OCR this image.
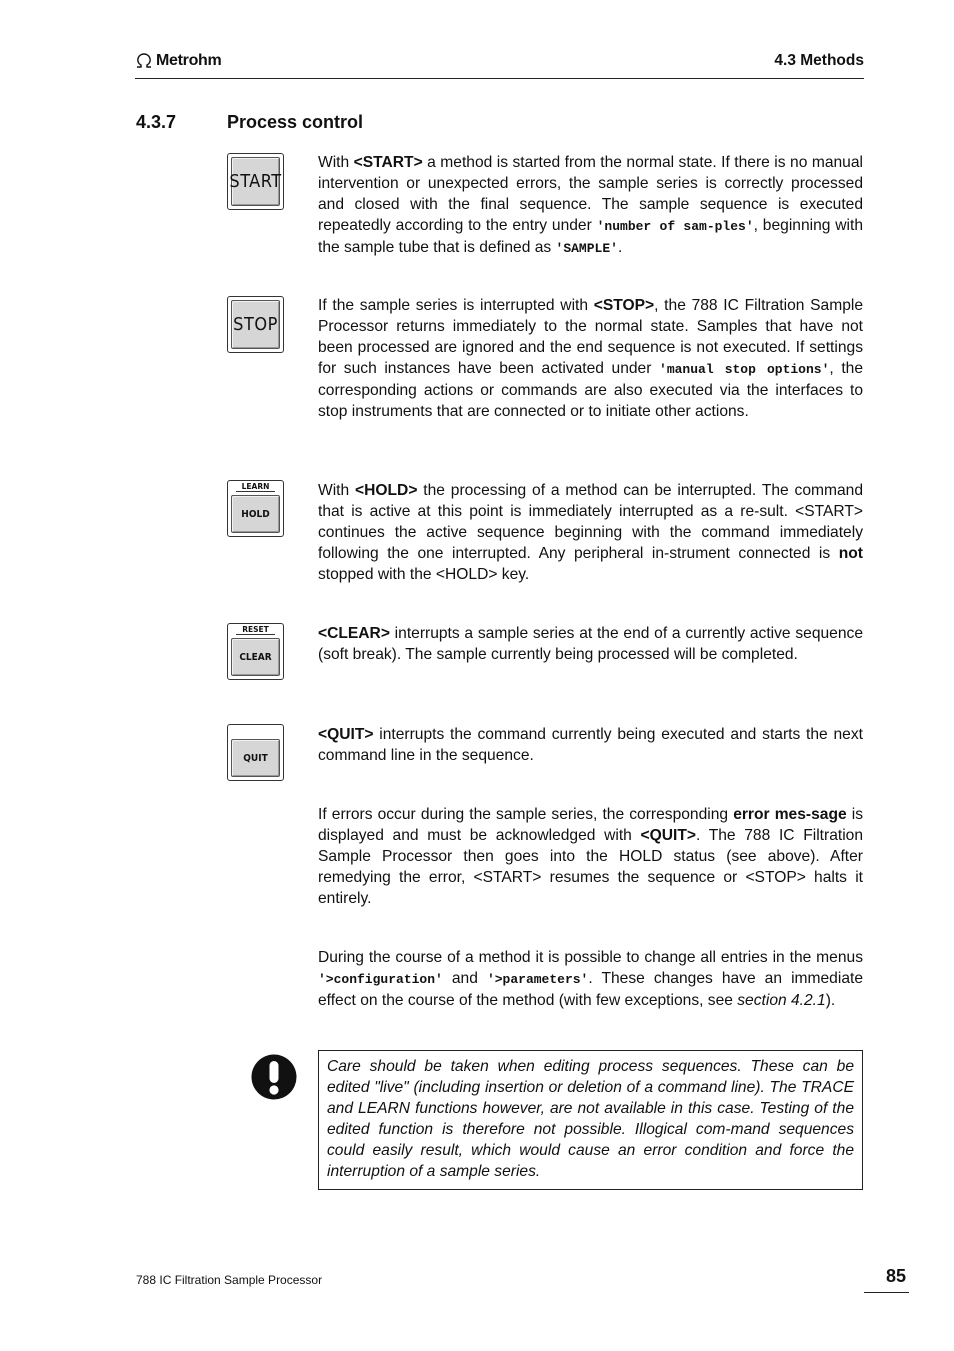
Metrohm	4.3 Methods
4.3.7	Process control
START
With <START> a method is started from the normal state. If there is no manual intervention or unexpected errors, the sample series is correctly processed and closed with the final sequence. The sample sequence is executed repeatedly according to the entry under 'number of sam-ples', beginning with the sample tube that is defined as 'SAMPLE'.
STOP
If the sample series is interrupted with <STOP>, the 788 IC Filtration Sample Processor returns immediately to the normal state. Samples that have not been processed are ignored and the end sequence is not executed. If settings for such instances have been activated under 'manual stop options', the corresponding actions or commands are also executed via the interfaces to stop instruments that are connected or to initiate other actions.
LEARN
HOLD
With <HOLD> the processing of a method can be interrupted. The command that is active at this point is immediately interrupted as a re-sult. <START> continues the active sequence beginning with the command immediately following the one interrupted. Any peripheral in-strument connected is not stopped with the <HOLD> key.
RESET
CLEAR
<CLEAR> interrupts a sample series at the end of a currently active sequence (soft break). The sample currently being processed will be completed.
QUIT
<QUIT> interrupts the command currently being executed and starts the next command line in the sequence.
If errors occur during the sample series, the corresponding error mes-sage is displayed and must be acknowledged with <QUIT>. The 788 IC Filtration Sample Processor then goes into the HOLD status (see above). After remedying the error, <START> resumes the sequence or <STOP> halts it entirely.
During the course of a method it is possible to change all entries in the menus '>configuration' and '>parameters'. These changes have an immediate effect on the course of the method (with few exceptions, see section 4.2.1).
Care should be taken when editing process sequences. These can be edited "live" (including insertion or deletion of a command line). The TRACE and LEARN functions however, are not available in this case. Testing of the edited function is therefore not possible. Illogical com-mand sequences could easily result, which would cause an error condition and force the interruption of a sample series.
788 IC Filtration Sample Processor	85
